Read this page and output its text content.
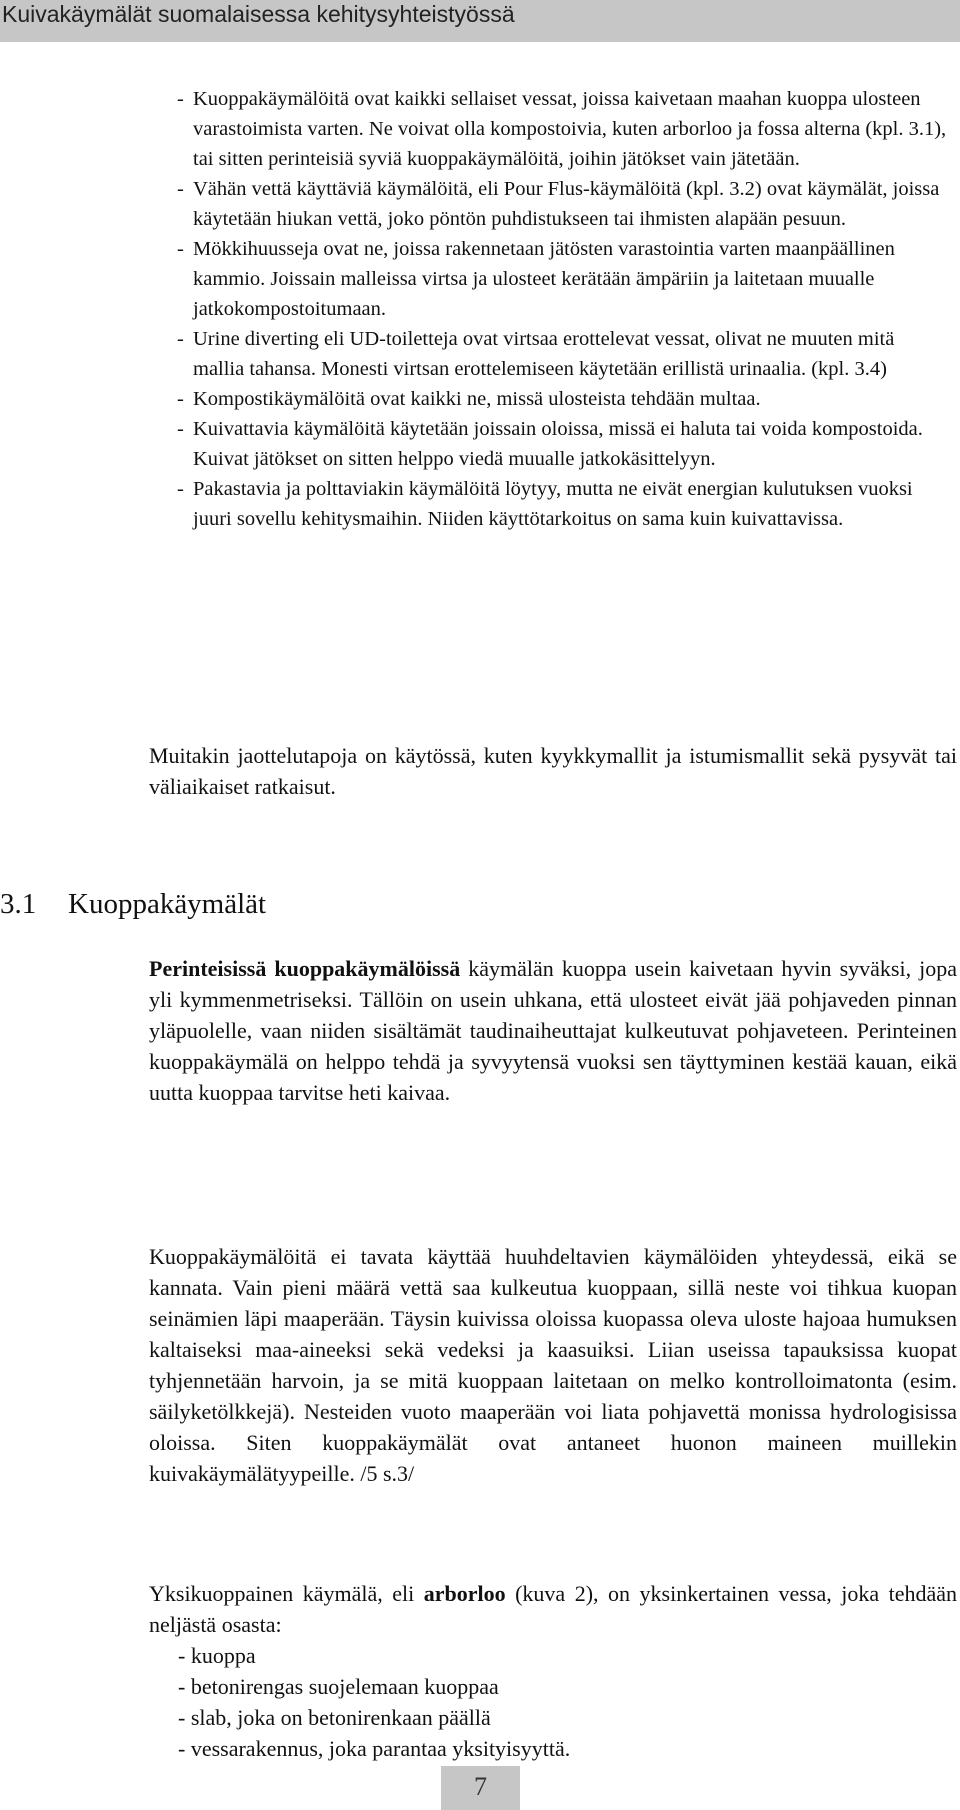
Kuivakäymälät suomalaisessa kehitysyhteistyössä
- Kuoppakäymälöitä ovat kaikki sellaiset vessat, joissa kaivetaan maahan kuoppa ulosteen varastoimista varten. Ne voivat olla kompostoivia, kuten arborloo ja fossa alterna (kpl. 3.1), tai sitten perinteisiä syviä kuoppakäymälöitä, joihin jätökset vain jätetään.
- Vähän vettä käyttäviä käymälöitä, eli Pour Flus-käymälöitä (kpl. 3.2) ovat käymälät, joissa käytetään hiukan vettä, joko pöntön puhdistukseen tai ihmisten alapään pesuun.
- Mökkihuusseja ovat ne, joissa rakennetaan jätösten varastointia varten maanpäällinen kammio. Joissain malleissa virtsa ja ulosteet kerätään ämpäriin ja laitetaan muualle jatkokompostoitumaan.
- Urine diverting eli UD-toiletteja ovat virtsaa erottelevat vessat, olivat ne muuten mitä mallia tahansa. Monesti virtsan erottelemiseen käytetään erillistä urinaalia. (kpl. 3.4)
- Kompostikäymälöitä ovat kaikki ne, missä ulosteista tehdään multaa.
- Kuivattavia käymälöitä käytetään joissain oloissa, missä ei haluta tai voida kompostoida. Kuivat jätökset on sitten helppo viedä muualle jatkokäsittelyyn.
- Pakastavia ja polttaviakin käymälöitä löytyy, mutta ne eivät energian kulutuksen vuoksi juuri sovellu kehitysmaihin. Niiden käyttötarkoitus on sama kuin kuivattavissa.

Muitakin jaottelutapoja on käytössä, kuten kyykkymallit ja istumismallit sekä pysyvät tai väliaikaiset ratkaisut.

3.1 Kuoppakäymälät

Perinteisissä kuoppakäymälöissä käymälän kuoppa usein kaivetaan hyvin syväksi, jopa yli kymmenmetriseksi. Tällöin on usein uhkana, että ulosteet eivät jää pohjaveden pinnan yläpuolelle, vaan niiden sisältämät taudinaiheuttajat kulkeutuvat pohjaveteen. Perinteinen kuoppakäymälä on helppo tehdä ja syvyytensä vuoksi sen täyttyminen kestää kauan, eikä uutta kuoppaa tarvitse heti kaivaa.

Kuoppakäymälöitä ei tavata käyttää huuhdeltavien käymälöiden yhteydessä, eikä se kannata. Vain pieni määrä vettä saa kulkeutua kuoppaan, sillä neste voi tihkua kuopan seinämien läpi maaperään. Täysin kuivissa oloissa kuopassa oleva uloste hajoaa humuksen kaltaiseksi maa-aineeksi sekä vedeksi ja kaasuiksi. Liian useissa tapauksissa kuopat tyhjennetään harvoin, ja se mitä kuoppaan laitetaan on melko kontrolloimatonta (esim. säilyketölkkejä). Nesteiden vuoto maaperään voi liata pohjavettä monissa hydrologisissa oloissa. Siten kuoppakäymälät ovat antaneet huonon maineen muillekin kuivakäymälätyypeille. /5 s.3/

Yksikuoppainen käymälä, eli arborloo (kuva 2), on yksinkertainen vessa, joka tehdään neljästä osasta:
- kuoppa
- betonirengas suojelemaan kuoppaa
- slab, joka on betonirenkaan päällä
- vessarakennus, joka parantaa yksityisyyttä.
7
